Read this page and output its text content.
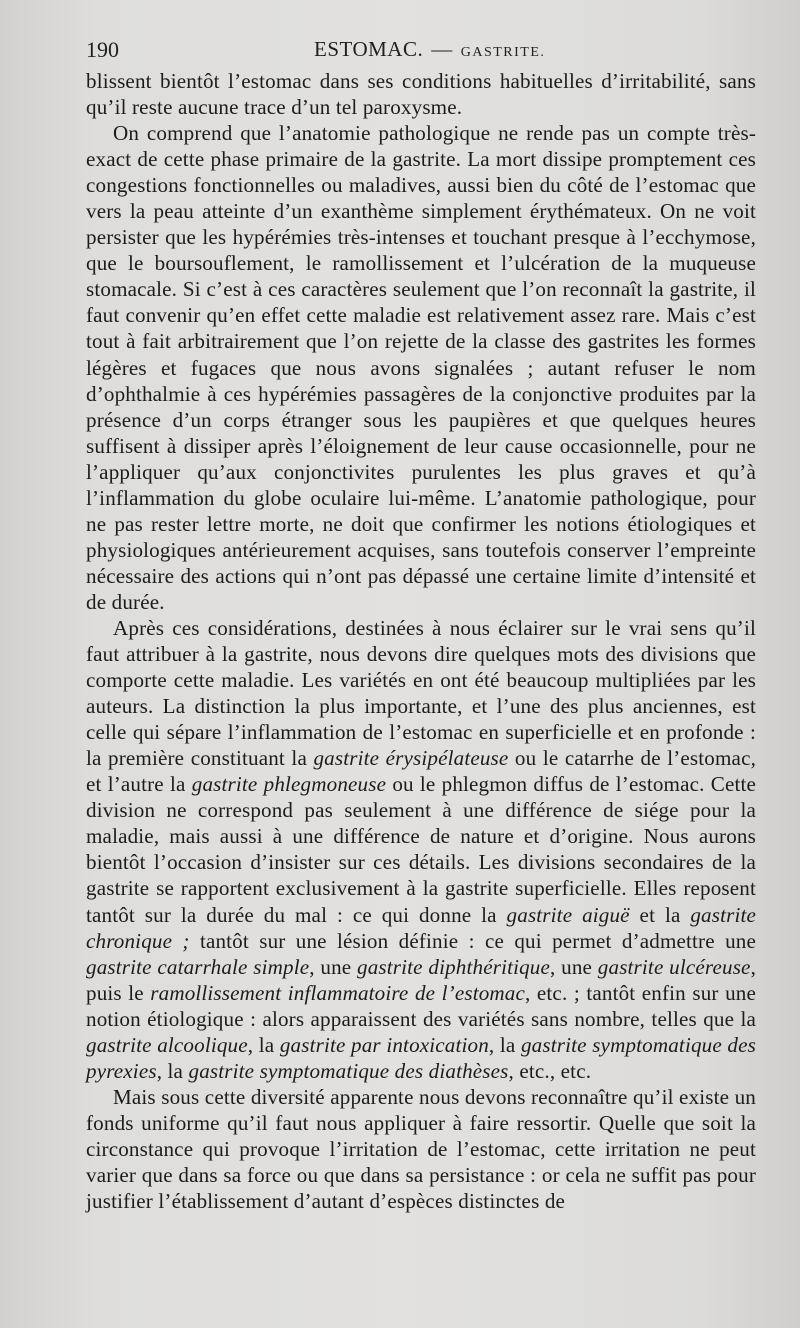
190	ESTOMAC. — GASTRITE.

blissent bientôt l’estomac dans ses conditions habituelles d’irritabilité, sans qu’il reste aucune trace d’un tel paroxysme.

On comprend que l’anatomie pathologique ne rende pas un compte très-exact de cette phase primaire de la gastrite. La mort dissipe promptement ces congestions fonctionnelles ou maladives, aussi bien du côté de l’estomac que vers la peau atteinte d’un exanthème simplement érythémateux. On ne voit persister que les hypérémies très-intenses et touchant presque à l’ecchymose, que le boursouflement, le ramollissement et l’ulcération de la muqueuse stomacale. Si c’est à ces caractères seulement que l’on reconnaît la gastrite, il faut convenir qu’en effet cette maladie est relativement assez rare. Mais c’est tout à fait arbitrairement que l’on rejette de la classe des gastrites les formes légères et fugaces que nous avons signalées ; autant refuser le nom d’ophthalmie à ces hypérémies passagères de la conjonctive produites par la présence d’un corps étranger sous les paupières et que quelques heures suffisent à dissiper après l’éloignement de leur cause occasionnelle, pour ne l’appliquer qu’aux conjonctivites purulentes les plus graves et qu’à l’inflammation du globe oculaire lui-même. L’anatomie pathologique, pour ne pas rester lettre morte, ne doit que confirmer les notions étiologiques et physiologiques antérieurement acquises, sans toutefois conserver l’empreinte nécessaire des actions qui n’ont pas dépassé une certaine limite d’intensité et de durée.

Après ces considérations, destinées à nous éclairer sur le vrai sens qu’il faut attribuer à la gastrite, nous devons dire quelques mots des divisions que comporte cette maladie. Les variétés en ont été beaucoup multipliées par les auteurs. La distinction la plus importante, et l’une des plus anciennes, est celle qui sépare l’inflammation de l’estomac en superficielle et en profonde : la première constituant la gastrite érysipélateuse ou le catarrhe de l’estomac, et l’autre la gastrite phlegmoneuse ou le phlegmon diffus de l’estomac. Cette division ne correspond pas seulement à une différence de siége pour la maladie, mais aussi à une différence de nature et d’origine. Nous aurons bientôt l’occasion d’insister sur ces détails. Les divisions secondaires de la gastrite se rapportent exclusivement à la gastrite superficielle. Elles reposent tantôt sur la durée du mal : ce qui donne la gastrite aiguë et la gastrite chronique ; tantôt sur une lésion définie : ce qui permet d’admettre une gastrite catarrhale simple, une gastrite diphthéritique, une gastrite ulcéreuse, puis le ramollissement inflammatoire de l’estomac, etc. ; tantôt enfin sur une notion étiologique : alors apparaissent des variétés sans nombre, telles que la gastrite alcoolique, la gastrite par intoxication, la gastrite symptomatique des pyrexies, la gastrite symptomatique des diathèses, etc., etc.

Mais sous cette diversité apparente nous devons reconnaître qu’il existe un fonds uniforme qu’il faut nous appliquer à faire ressortir. Quelle que soit la circonstance qui provoque l’irritation de l’estomac, cette irritation ne peut varier que dans sa force ou que dans sa persistance : or cela ne suffit pas pour justifier l’établissement d’autant d’espèces distinctes de
